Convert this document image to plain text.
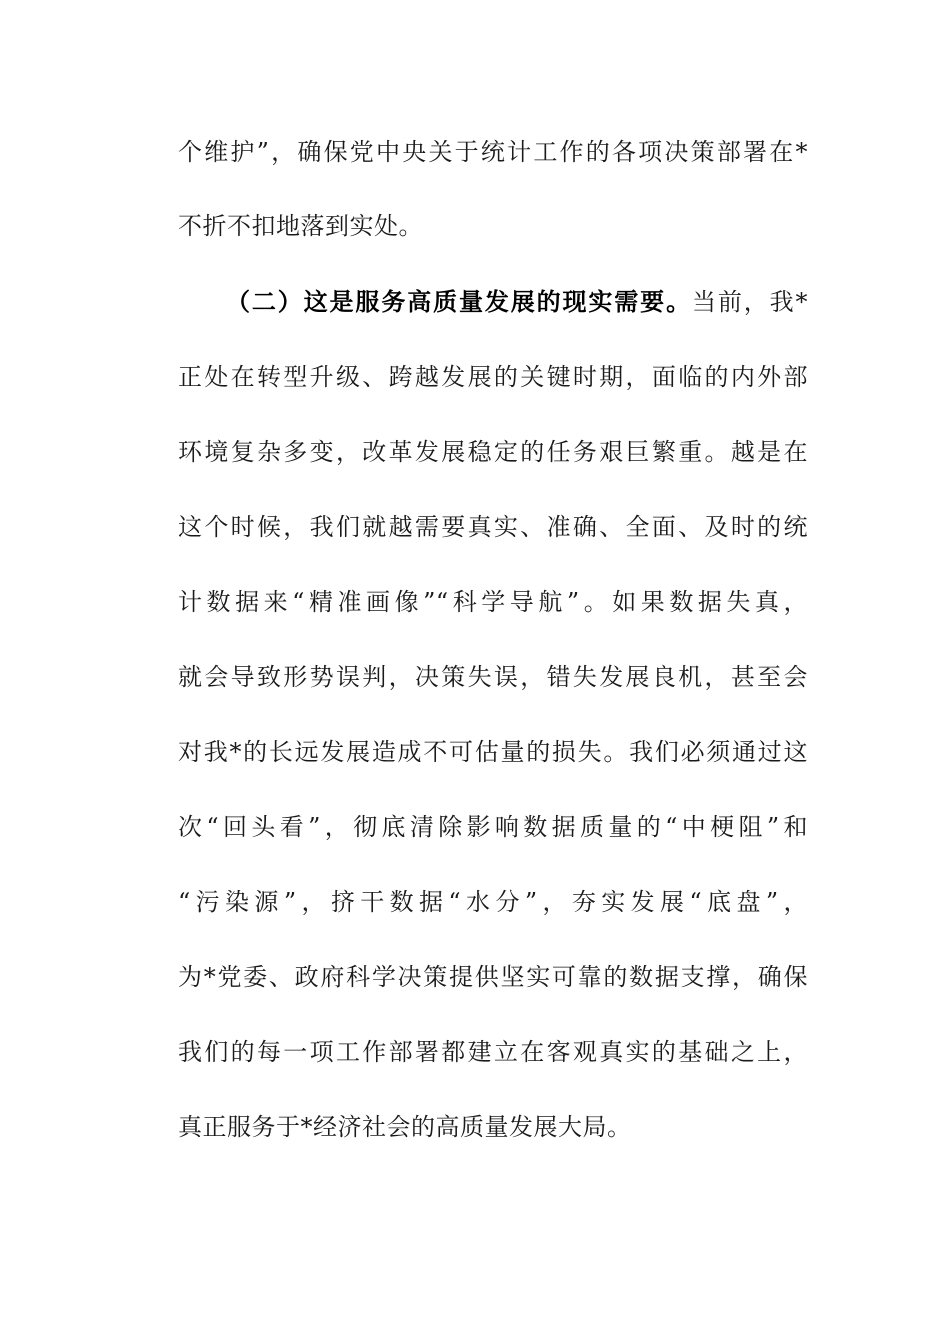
个维护”，确保党中央关于统计工作的各项决策部署在*
不折不扣地落到实处。
（二）这是服务高质量发展的现实需要。当前，我*
正处在转型升级、跨越发展的关键时期，面临的内外部
环境复杂多变，改革发展稳定的任务艰巨繁重。越是在
这个时候，我们就越需要真实、准确、全面、及时的统
计数据来“精准画像”“科学导航”。如果数据失真，
就会导致形势误判，决策失误，错失发展良机，甚至会
对我*的长远发展造成不可估量的损失。我们必须通过这
次“回头看”，彻底清除影响数据质量的“中梗阻”和
“污染源”，挤干数据“水分”，夯实发展“底盘”，
为*党委、政府科学决策提供坚实可靠的数据支撑，确保
我们的每一项工作部署都建立在客观真实的基础之上，
真正服务于*经济社会的高质量发展大局。
